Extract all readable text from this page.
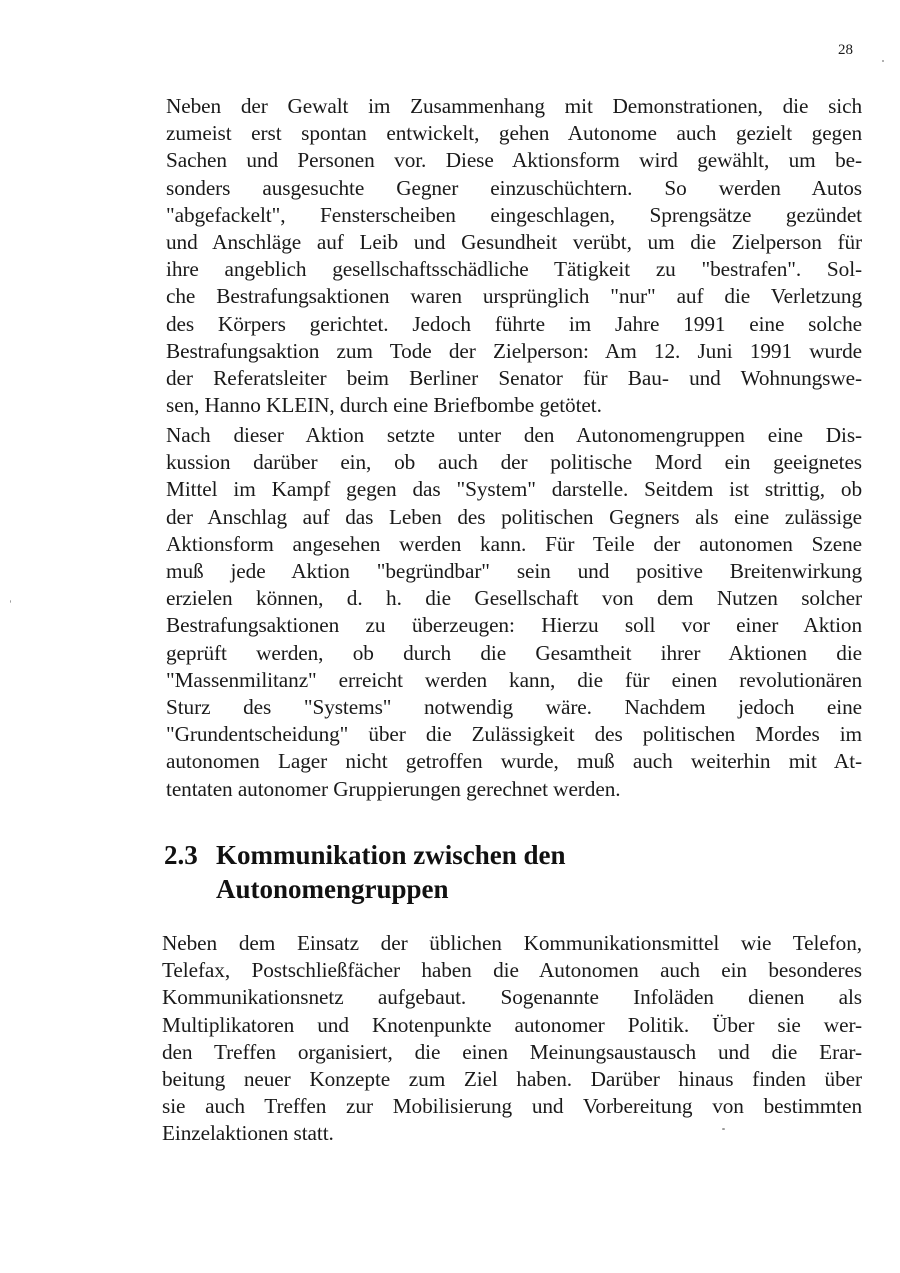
28

Neben der Gewalt im Zusammenhang mit Demonstrationen, die sich
zumeist erst spontan entwickelt, gehen Autonome auch gezielt gegen
Sachen und Personen vor. Diese Aktionsform wird gewählt, um be-
sonders ausgesuchte Gegner einzuschüchtern. So werden Autos
"abgefackelt", Fensterscheiben eingeschlagen, Sprengsätze gezündet
und Anschläge auf Leib und Gesundheit verübt, um die Zielperson für
ihre angeblich gesellschaftsschädliche Tätigkeit zu "bestrafen". Sol-
che Bestrafungsaktionen waren ursprünglich "nur" auf die Verletzung
des Körpers gerichtet. Jedoch führte im Jahre 1991 eine solche
Bestrafungsaktion zum Tode der Zielperson: Am 12. Juni 1991 wurde
der Referatsleiter beim Berliner Senator für Bau- und Wohnungswe-
sen, Hanno KLEIN, durch eine Briefbombe getötet.

Nach dieser Aktion setzte unter den Autonomengruppen eine Dis-
kussion darüber ein, ob auch der politische Mord ein geeignetes
Mittel im Kampf gegen das "System" darstelle. Seitdem ist strittig, ob
der Anschlag auf das Leben des politischen Gegners als eine zulässige
Aktionsform angesehen werden kann. Für Teile der autonomen Szene
muß jede Aktion "begründbar" sein und positive Breitenwirkung
erzielen können, d. h. die Gesellschaft von dem Nutzen solcher
Bestrafungsaktionen zu überzeugen: Hierzu soll vor einer Aktion
geprüft werden, ob durch die Gesamtheit ihrer Aktionen die
"Massenmilitanz" erreicht werden kann, die für einen revolutionären
Sturz des "Systems" notwendig wäre. Nachdem jedoch eine
"Grundentscheidung" über die Zulässigkeit des politischen Mordes im
autonomen Lager nicht getroffen wurde, muß auch weiterhin mit At-
tentaten autonomer Gruppierungen gerechnet werden.

2.3 Kommunikation zwischen den
Autonomengruppen

Neben dem Einsatz der üblichen Kommunikationsmittel wie Telefon,
Telefax, Postschließfächer haben die Autonomen auch ein besonderes
Kommunikationsnetz aufgebaut. Sogenannte Infoläden dienen als
Multiplikatoren und Knotenpunkte autonomer Politik. Über sie wer-
den Treffen organisiert, die einen Meinungsaustausch und die Erar-
beitung neuer Konzepte zum Ziel haben. Darüber hinaus finden über
sie auch Treffen zur Mobilisierung und Vorbereitung von bestimmten
Einzelaktionen statt.
